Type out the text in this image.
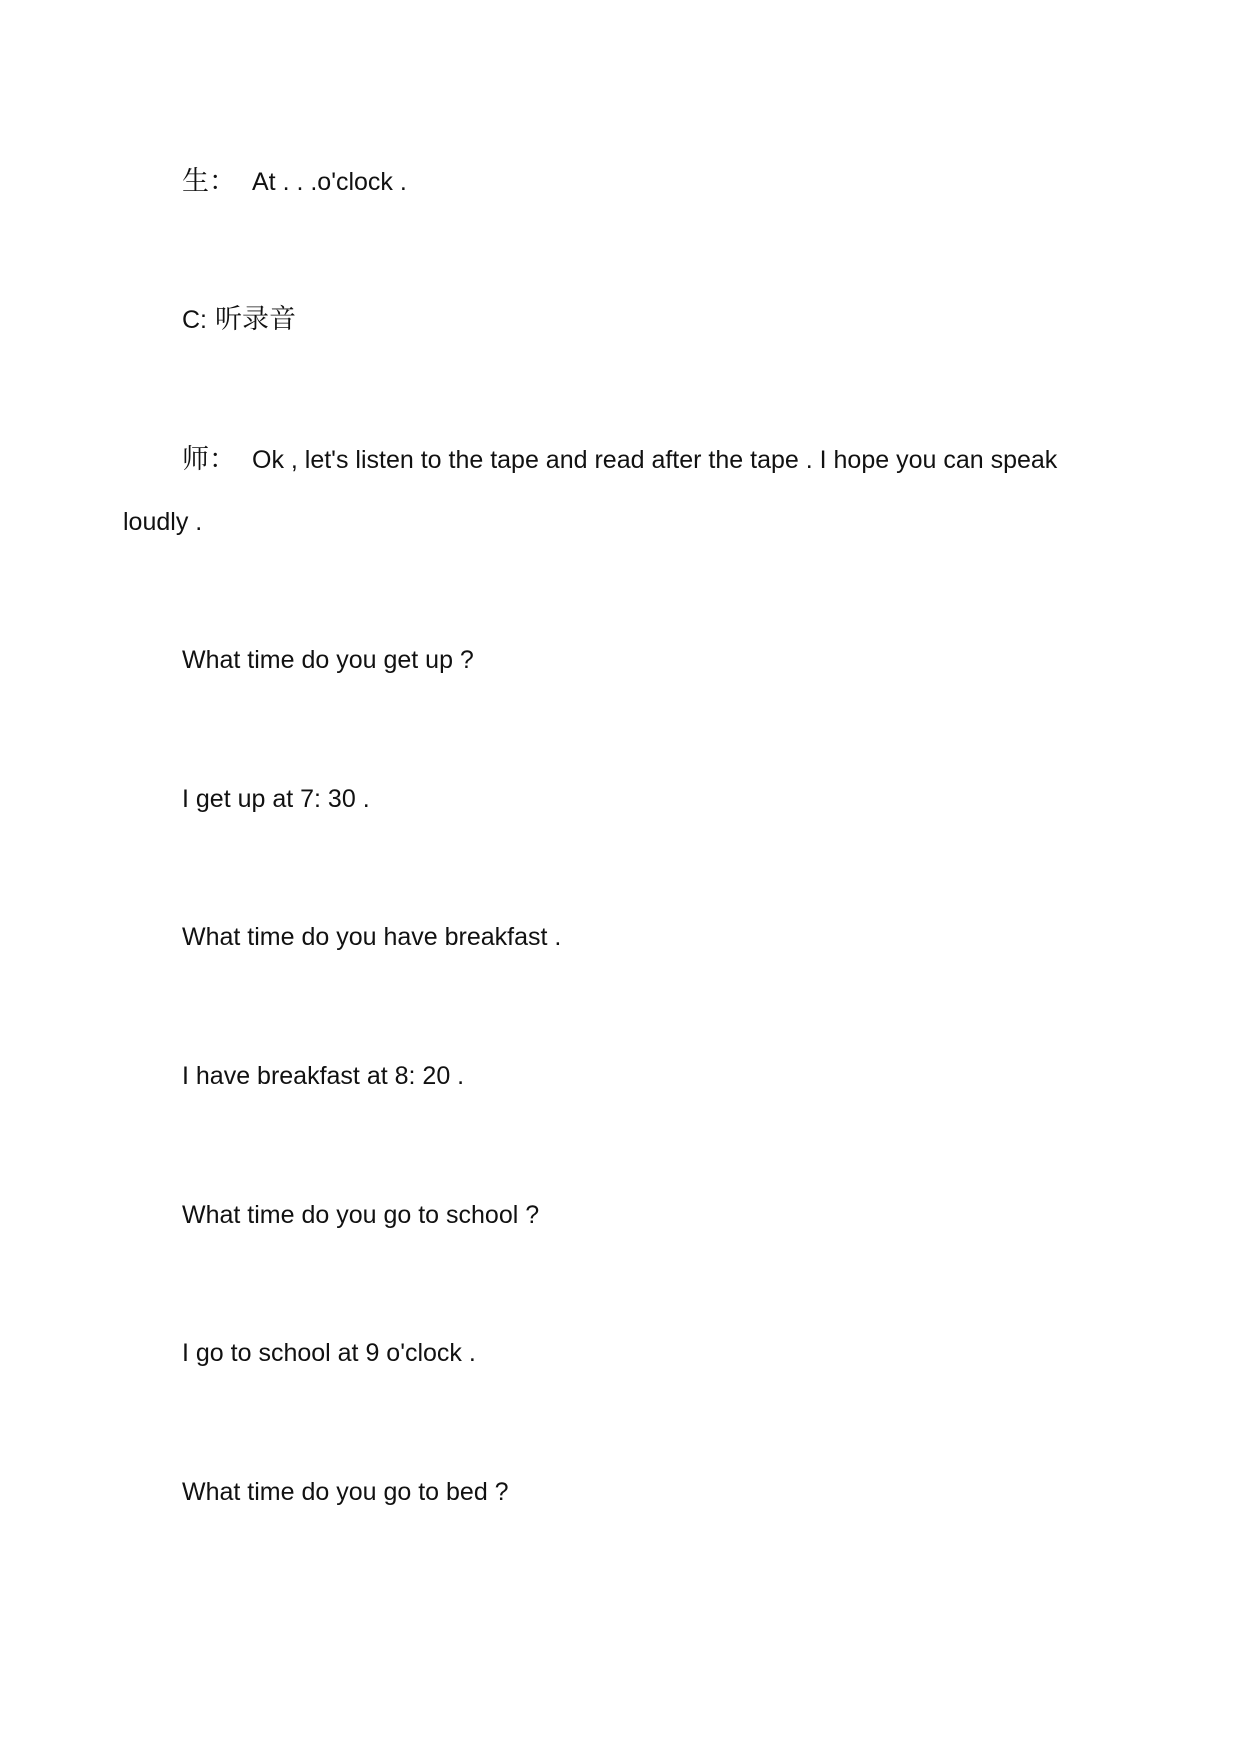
生： At . . .o'clock .
C: 听录音
师： Ok , let's listen to the tape and read after the tape . I hope you can speak
loudly .
What time do you get up ?
I get up at 7: 30 .
What time do you have breakfast .
I have breakfast at 8: 20 .
What time do you go to school ?
I go to school at 9 o'clock .
What time do you go to bed ?
